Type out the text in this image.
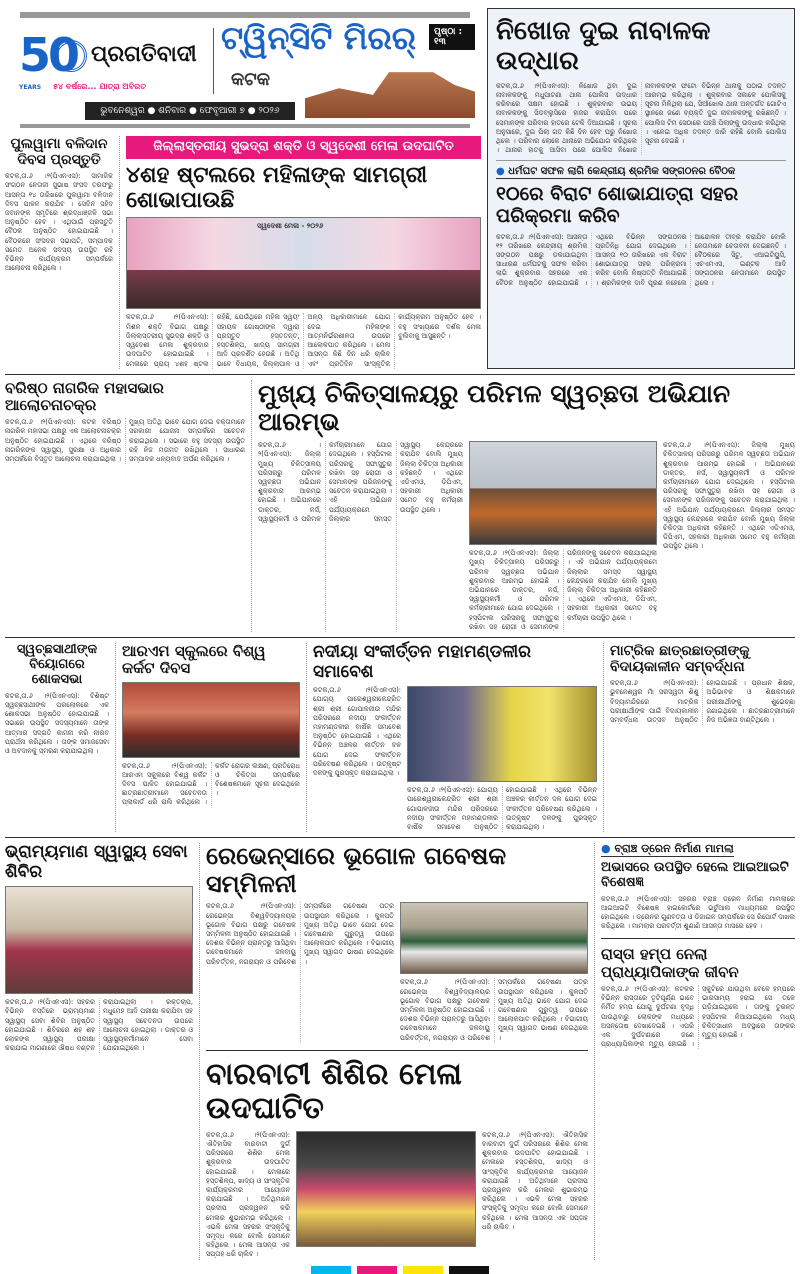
50
YEARS
ପ୍ରଗତିବାଦୀ
୫୪ ବର୍ଷରେ... ଯାତ୍ରା ଅବିରତ
ଟ୍ୱିନ୍‌ସିଟି ମିରର୍
କଟକ
ପୃଷ୍ଠା : ୧୩
ଭୁବନେଶ୍ୱର ● ଶନିବାର ● ଫେବୃଆରୀ ୭ ● ୨୦୨୬
ପୁଲୱାମା ବଳିଦାନ ଦିବସ ପ୍ରସ୍ତୁତି
କଟକ,ତା.୬ ।୨(ପିଏନଏସ): ସାମାଜିକ ସଂଗଠନ ନେତାଜୀ ସୁଭାଷ ସଂସଦ ତରଫରୁ ଆସନ୍ତା ୧୪ ତାରିଖରେ ପୁଲୱାମା ବଳିଦାନ ଦିବସ ପାଳନ କରାଯିବ । ସେଦିନ ସହିଦ ଜବାନଙ୍କ ସ୍ମୃତିରେ ଶ୍ରଦ୍ଧାଞ୍ଜଳି ସଭା ଅନୁଷ୍ଠିତ ହେବ । ଏଥିପାଇଁ ପ୍ରସ୍ତୁତି ବୈଠକ ଅନୁଷ୍ଠିତ ହୋଇଯାଇଛି । ବୈଠକରେ ସଂସଦର ସଭାପତି, ସମ୍ପାଦକ ସମେତ ଅନେକ ସଦସ୍ୟ ଉପସ୍ଥିତ ରହି ବିଭିନ୍ନ କାର୍ଯ୍ୟକ୍ରମ ସମ୍ପର୍କରେ ଆଲୋଚନା କରିଥିଲେ ।
ଜିଲ୍ଲାସ୍ତରୀୟ ସୁଭଦ୍ରା ଶକ୍ତି ଓ ସ୍ୱଦେଶୀ ମେଳା ଉଦଘାଟିତ
୪ଶହ ଷ୍ଟଲରେ ମହିଳାଙ୍କ ସାମଗ୍ରୀ ଶୋଭାପାଉଛି
ସ୍ୱଦେଶୀ ମେଳା - ୨୦୨୬
କଟକ,ତା.୬ ।୨(ପିଏନଏସ): ମିଶନ ଶକ୍ତି ବିଭାଗ ପକ୍ଷରୁ ଜିଲ୍ଲାସ୍ତରୀୟ ସୁଭଦ୍ରା ଶକ୍ତି ଓ ସ୍ୱଦେଶୀ ମେଳା ଶୁକ୍ରବାର ଉଦଘାଟିତ ହୋଇଯାଇଛି । ମେଳାରେ ପ୍ରାୟ ୪ଶହ ଷ୍ଟଲ ରହିଛି, ଯେଉଁଥିରେ ମହିଳା ସ୍ୱୟଂ ସହାୟକ ଗୋଷ୍ଠୀଙ୍କ ଦ୍ୱାରା ପ୍ରସ୍ତୁତ ହସ୍ତତନ୍ତ, ହସ୍ତଶିଳ୍ପ, ଖାଦ୍ୟ ସାମଗ୍ରୀ ଆଦି ପ୍ରଦର୍ଶିତ ହେଉଛି । ଅତିଥି ଭାବେ ବିଧାୟକ, ଜିଲ୍ଲାପାଳ ଓ ଅନ୍ୟ ଅଧିକାରୀମାନେ ଯୋଗ ଦେଇ ମହିଳାଙ୍କ ଆତ୍ମନିର୍ଭରଶୀଳତା ଉପରେ ଆଲୋକପାତ କରିଥିଲେ । ମେଳା ଆସନ୍ତା କିଛି ଦିନ ଧରି ଚାଲିବ ଏବଂ ପ୍ରତିଦିନ ସାଂସ୍କୃତିକ କାର୍ଯ୍ୟକ୍ରମ ଅନୁଷ୍ଠିତ ହେବ । ବହୁ ସଂଖ୍ୟାରେ ଦର୍ଶକ ମେଳା ବୁଲିବାକୁ ଆସୁଛନ୍ତି ।
ନିଖୋଜ ଦୁଇ ନାବାଳକ ଉଦ୍ଧାର
କଟକ,ତା.୬ ।୨(ପିଏନଏସ): ନିଖୋଜ ଥିବା ଦୁଇ ନାବାଳକଙ୍କୁ ମଧୁପାଟଣା ଥାନା ପୋଲିସ ଉଦ୍ଧାର କରିବାରେ ସକ୍ଷମ ହୋଇଛି । ଶୁକ୍ରବାର ଉଭୟ ନାବାଳକଙ୍କୁ ସିଡବ୍ଲୁସିରେ ହାଜର କରାଯିବା ପରେ ସେମାନଙ୍କ ପରିବାର ହାତରେ ଟେକି ଦିଆଯାଇଛି । ସୂଚନା ଅନୁସାରେ, ଦୁଇ ପିଲା ଗତ କିଛି ଦିନ ହେବ ଘରୁ ନିଖୋଜ ଥିଲେ । ପରିବାର ଲୋକେ ଥାନାରେ ଅଭିଯୋଗ କରିଥିଲେ । ଥାନାର ହାତକୁ ଆସିବା ପରେ ପୋଲିସ ନିଖୋଜ ନାବାଳକଙ୍କ ଫଟୋ ବିଭିନ୍ନ ଥାନାକୁ ପଠାଇ ତଦନ୍ତ ଆରମ୍ଭ କରିଥିଲା । ଶୁକ୍ରବାର ସକାଳେ ପୋଲିସକୁ ସୂଚନା ମିଳିଥିଲା ଯେ, ସିଆଁଝୋଲ ଥାନା ଅନ୍ତର୍ଗତ ଗୋଟିଏ ସ୍ଥାନରେ ଜଣେ ବ୍ୟକ୍ତି ଦୁଇ ନାବାଳକଙ୍କୁ ରଖିଛନ୍ତି । ପୋଲିସ ଟିମ ସେଠାରେ ପହଞ୍ଚି ପିଲାଙ୍କୁ ଉଦ୍ଧାର କରିଥିଲା । ଏନେଇ ଅଧିକ ତଦନ୍ତ ଜାରି ରହିଛି ବୋଲି ପୋଲିସ ସୂଚନା ଦେଇଛି ।
● ଧର୍ମଘଟ ସଫଳ ଲାଗି କେନ୍ଦ୍ରୀୟ ଶ୍ରମିକ ସଙ୍ଗଠନର ବୈଠକ
୧୦ରେ ବିରାଟ ଶୋଭାଯାତ୍ରା ସହର ପରିକ୍ରମା କରିବ
କଟକ,ତା.୬ ।୨(ପିଏନଏସ): ଆସନ୍ତା ୧୨ ତାରିଖରେ କେନ୍ଦ୍ରୀୟ ଶ୍ରମିକ ସଙ୍ଗଠନ ପକ୍ଷରୁ ଡକାଯାଇଥିବା ସାଧାରଣ ଧର୍ମଘଟକୁ ସଫଳ କରିବା ଲାଗି ଶୁକ୍ରବାର ସହରରେ ଏକ ବୈଠକ ଅନୁଷ୍ଠିତ ହୋଇଯାଇଛି । ଏଥିରେ ବିଭିନ୍ନ ସଙ୍ଗଠନର ପ୍ରତିନିଧି ଯୋଗ ଦେଇଥିଲେ । ଆସନ୍ତା ୧୦ ତାରିଖରେ ଏକ ବିରାଟ ଶୋଭାଯାତ୍ରା ସହର ପରିକ୍ରମା କରିବ ବୋଲି ନିଷ୍ପତ୍ତି ନିଆଯାଇଛି । ଶ୍ରମିକଙ୍କ ଦାବି ପୂରଣ ନହେଲେ ଆନ୍ଦୋଳନ ତୀବ୍ର କରାଯିବ ବୋଲି ନେତାମାନେ ଚେତାବନୀ ଦେଇଛନ୍ତି । ବୈଠକରେ ସିଟୁ, ଏଆଇଟିୟୁସି, ଏଚଏମଏସ, ଇଣ୍ଟକ ଆଦି ସଙ୍ଗଠନର ନେତାମାନେ ଉପସ୍ଥିତ ଥିଲେ ।
ବରିଷ୍ଠ ନାଗରିକ ମହାସଭାର ଆଲୋଚନାଚକ୍ର
କଟକ,ତା.୬ ।୨(ପିଏନଏସ): କଟକ ବରିଷ୍ଠ ନାଗରିକ ମହାସଭା ପକ୍ଷରୁ ଏକ ଆଲୋଚନାଚକ୍ର ଅନୁଷ୍ଠିତ ହୋଇଯାଇଛି । ଏଥିରେ ବରିଷ୍ଠ ନାଗରିକଙ୍କ ସ୍ୱାସ୍ଥ୍ୟ, ସୁରକ୍ଷା ଓ ଅଧିକାର ସମ୍ପର୍କରେ ବିସ୍ତୃତ ଆଲୋଚନା କରାଯାଇଥିଲା । ମୁଖ୍ୟ ଅତିଥି ଭାବେ ଯୋଗ ଦେଇ ବକ୍ତାମାନେ ସରକାରୀ ଯୋଜନା ସମ୍ପର୍କରେ ସଚେତନ କରାଇଥିଲେ । ସଭାରେ ବହୁ ସଦସ୍ୟ ଉପସ୍ଥିତ ରହି ନିଜ ମତାମତ ରଖିଥିଲେ । ସାଧାରଣ ସମ୍ପାଦକ ଧନ୍ୟବାଦ ଅର୍ପଣ କରିଥିଲେ ।
ମୁଖ୍ୟ ଚିକିତ୍ସାଳୟରୁ ପରିମଳ ସ୍ୱଚ୍ଛତା ଅଭିଯାନ ଆରମ୍ଭ
କଟକ,ତା.୬ ।୨(ପିଏନଏସ): ଜିଲ୍ଲା ମୁଖ୍ୟ ଚିକିତ୍ସାଳୟ ପରିସରରୁ ପରିମଳ ସ୍ୱଚ୍ଛତା ଅଭିଯାନ ଶୁକ୍ରବାର ଆରମ୍ଭ ହୋଇଛି । ଅଭିଯାନରେ ଡାକ୍ତର, ନର୍ସ, ସ୍ୱାସ୍ଥ୍ୟକର୍ମୀ ଓ ପରିମଳ କର୍ମଚାରୀମାନେ ଯୋଗ ଦେଇଥିଲେ । ହସ୍ପିଟାଲ ପରିସରକୁ ସଫାସୁତୁରା ରଖିବା ସହ ରୋଗୀ ଓ ସେମାନଙ୍କ ପରିଜନଙ୍କୁ ସଚେତନ କରାଯାଇଥିଲା । ଏହି ଅଭିଯାନ ପର୍ଯ୍ୟାୟକ୍ରମେ ଜିଲ୍ଲାର ସମସ୍ତ ସ୍ୱାସ୍ଥ୍ୟ କେନ୍ଦ୍ରରେ କରାଯିବ ବୋଲି ମୁଖ୍ୟ ଜିଲ୍ଲା ଚିକିତ୍ସା ଅଧିକାରୀ କହିଛନ୍ତି । ଏଥିରେ ଏଡିଏମଓ, ଡିପିଏମ, ସହକାରୀ ଅଧିକାରୀ ସମେତ ବହୁ କର୍ମଚାରୀ ଉପସ୍ଥିତ ଥିଲେ ।
କଟକ,ତା.୬ ।୨(ପିଏନଏସ): ଜିଲ୍ଲା ମୁଖ୍ୟ ଚିକିତ୍ସାଳୟ ପରିସରରୁ ପରିମଳ ସ୍ୱଚ୍ଛତା ଅଭିଯାନ ଶୁକ୍ରବାର ଆରମ୍ଭ ହୋଇଛି । ଅଭିଯାନରେ ଡାକ୍ତର, ନର୍ସ, ସ୍ୱାସ୍ଥ୍ୟକର୍ମୀ ଓ ପରିମଳ କର୍ମଚାରୀମାନେ ଯୋଗ ଦେଇଥିଲେ । ହସ୍ପିଟାଲ ପରିସରକୁ ସଫାସୁତୁରା ରଖିବା ସହ ରୋଗୀ ଓ ସେମାନଙ୍କ ପରିଜନଙ୍କୁ ସଚେତନ କରାଯାଇଥିଲା । ଏହି ଅଭିଯାନ ପର୍ଯ୍ୟାୟକ୍ରମେ ଜିଲ୍ଲାର ସମସ୍ତ ସ୍ୱାସ୍ଥ୍ୟ କେନ୍ଦ୍ରରେ କରାଯିବ ବୋଲି ମୁଖ୍ୟ ଜିଲ୍ଲା ଚିକିତ୍ସା ଅଧିକାରୀ କହିଛନ୍ତି । ଏଥିରେ ଏଡିଏମଓ, ଡିପିଏମ, ସହକାରୀ ଅଧିକାରୀ ସମେତ ବହୁ କର୍ମଚାରୀ ଉପସ୍ଥିତ ଥିଲେ ।
କଟକ,ତା.୬ ।୨(ପିଏନଏସ): ଜିଲ୍ଲା ମୁଖ୍ୟ ଚିକିତ୍ସାଳୟ ପରିସରରୁ ପରିମଳ ସ୍ୱଚ୍ଛତା ଅଭିଯାନ ଶୁକ୍ରବାର ଆରମ୍ଭ ହୋଇଛି । ଅଭିଯାନରେ ଡାକ୍ତର, ନର୍ସ, ସ୍ୱାସ୍ଥ୍ୟକର୍ମୀ ଓ ପରିମଳ କର୍ମଚାରୀମାନେ ଯୋଗ ଦେଇଥିଲେ । ହସ୍ପିଟାଲ ପରିସରକୁ ସଫାସୁତୁରା ରଖିବା ସହ ରୋଗୀ ଓ ସେମାନଙ୍କ ପରିଜନଙ୍କୁ ସଚେତନ କରାଯାଇଥିଲା । ଏହି ଅଭିଯାନ ପର୍ଯ୍ୟାୟକ୍ରମେ ଜିଲ୍ଲାର ସମସ୍ତ ସ୍ୱାସ୍ଥ୍ୟ କେନ୍ଦ୍ରରେ କରାଯିବ ବୋଲି ମୁଖ୍ୟ ଜିଲ୍ଲା ଚିକିତ୍ସା ଅଧିକାରୀ କହିଛନ୍ତି । ଏଥିରେ ଏଡିଏମଓ, ଡିପିଏମ, ସହକାରୀ ଅଧିକାରୀ ସମେତ ବହୁ କର୍ମଚାରୀ ଉପସ୍ଥିତ ଥିଲେ ।
ସ୍ୱଚ୍ଛସାଥୀଙ୍କ ବିୟୋଗରେ ଶୋକସଭା
କଟକ,ତା.୬ ।୨(ପିଏନଏସ): ବିଶିଷ୍ଟ ସ୍ୱଚ୍ଛସାଥୀଙ୍କ ପରଲୋକରେ ଏକ ଶୋକସଭା ଅନୁଷ୍ଠିତ ହୋଇଯାଇଛି । ସଭାରେ ଉପସ୍ଥିତ ସଦସ୍ୟମାନେ ତାଙ୍କ ଆତ୍ମାର ସଦ୍‌ଗତି କାମନା କରି ନୀରବ ପ୍ରାର୍ଥନା କରିଥିଲେ । ତାଙ୍କ ସମାଜସେବା ଓ ଅବଦାନକୁ ସ୍ମରଣ କରାଯାଇଥିଲା ।
ଆରଏମ ସ୍କୁଲରେ ବିଶ୍ୱ କର୍କଟ ଦିବସ
କଟକ,ତା.୬ ।୨(ପିଏନଏସ): ଆରଏମ ସ୍କୁଲରେ ବିଶ୍ୱ କର୍କଟ ଦିବସ ପାଳିତ ହୋଇଯାଇଛି । ଛାତ୍ରଛାତ୍ରୀମାନେ ସଚେତନତା ପ୍ଲାକାର୍ଡ ଧରି ରାଲି କରିଥିଲେ । କର୍କଟ ରୋଗର ଲକ୍ଷଣ, ପ୍ରତିରୋଧ ଓ ଚିକିତ୍ସା ସମ୍ପର୍କରେ ବିଶେଷଜ୍ଞମାନେ ସୂଚନା ଦେଇଥିଲେ ।
ନଦୀୟା ସଂକୀର୍ତ୍ତନ ମହାମଣ୍ଡଳୀର ସମାବେଶ
କଟକ,ତା.୬ ।୨(ପିଏନଏସ): ଯୋଗ୍ୟ ପାରେଶ୍ୱରୀକେନ୍ଦ୍ରିତ ଶ୍ରୀ ଶ୍ରୀ ଗୋପାଳଜୀଉ ମନ୍ଦିର ପରିସରରେ ନଦୀୟା ସଂକୀର୍ତ୍ତନ ମହାମଣ୍ଡଳୀର ବାର୍ଷିକ ସମାବେଶ ଅନୁଷ୍ଠିତ ହୋଇଯାଇଛି । ଏଥିରେ ବିଭିନ୍ନ ଅଞ୍ଚଳର କୀର୍ତ୍ତନ ଦଳ ଯୋଗ ଦେଇ ସଂକୀର୍ତ୍ତନ ପରିବେଷଣ କରିଥିଲେ । ଉତ୍କୃଷ୍ଟ ଦଳଙ୍କୁ ପୁରସ୍କୃତ କରାଯାଇଥିଲା ।
କଟକ,ତା.୬ ।୨(ପିଏନଏସ): ଯୋଗ୍ୟ ପାରେଶ୍ୱରୀକେନ୍ଦ୍ରିତ ଶ୍ରୀ ଶ୍ରୀ ଗୋପାଳଜୀଉ ମନ୍ଦିର ପରିସରରେ ନଦୀୟା ସଂକୀର୍ତ୍ତନ ମହାମଣ୍ଡଳୀର ବାର୍ଷିକ ସମାବେଶ ଅନୁଷ୍ଠିତ ହୋଇଯାଇଛି । ଏଥିରେ ବିଭିନ୍ନ ଅଞ୍ଚଳର କୀର୍ତ୍ତନ ଦଳ ଯୋଗ ଦେଇ ସଂକୀର୍ତ୍ତନ ପରିବେଷଣ କରିଥିଲେ । ଉତ୍କୃଷ୍ଟ ଦଳଙ୍କୁ ପୁରସ୍କୃତ କରାଯାଇଥିଲା ।
ମାଟ୍ରିକ ଛାତ୍ରଛାତ୍ରୀଙ୍କୁ ବିଦାୟକାଳୀନ ସମ୍ବର୍ଦ୍ଧନା
କଟକ,ତା.୬ ।୨(ପିଏନଏସ): ଭୁବନେଶ୍ୱର ମାଁ ସରସ୍ୱତୀ ଶିଶୁ ବିଦ୍ୟାମନ୍ଦିରରେ ମାଟ୍ରିକ ପରୀକ୍ଷାର୍ଥୀଙ୍କ ପାଇଁ ବିଦାୟକାଳୀନ ସମ୍ବର୍ଦ୍ଧନା ଉତ୍ସବ ଅନୁଷ୍ଠିତ ହୋଇଯାଇଛି । ପ୍ରଧାନ ଶିକ୍ଷକ, ଅଭିଭାବକ ଓ ଶିକ୍ଷକମାନେ ପରୀକ୍ଷାର୍ଥୀଙ୍କୁ ଶୁଭେଚ୍ଛା ଜଣାଇଥିଲେ । ଛାତ୍ରଛାତ୍ରୀମାନେ ନିଜ ଅଭିଜ୍ଞତା ବାଣ୍ଟିଥିଲେ ।
ଭ୍ରାମ୍ୟମାଣ ସ୍ୱାସ୍ଥ୍ୟ ସେବା ଶିବିର
କଟକ,ତା.୬ ।୨(ପିଏନଏସ): ସହରର ବିଭିନ୍ନ ବସ୍ତିରେ ଭ୍ରାମ୍ୟମାଣ ସ୍ୱାସ୍ଥ୍ୟ ସେବା ଶିବିର ଅନୁଷ୍ଠିତ ହୋଇଯାଇଛି । ଶିବିରରେ ଶହ ଶହ ଲୋକଙ୍କ ସ୍ୱାସ୍ଥ୍ୟ ପରୀକ୍ଷା କରାଯାଇ ମାଗଣାରେ ଔଷଧ ବଣ୍ଟନ କରାଯାଇଥିଲା । ରକ୍ତଚାପ, ମଧୁମେହ ଆଦି ପରୀକ୍ଷା କରାଯିବା ସହ ସ୍ୱାସ୍ଥ୍ୟ ସଚେତନତା ଉପରେ ଆଲୋଚନା ହୋଇଥିଲା । ଡାକ୍ତର ଓ ସ୍ୱାସ୍ଥ୍ୟକର୍ମୀମାନେ ସେବା ଯୋଗାଇଥିଲେ ।
ରେଭେନ୍ସାରେ ଭୂଗୋଳ ଗବେଷକ ସମ୍ମିଳନୀ
କଟକ,ତା.୬ ।୨(ପିଏନଏସ): ରେଭେନ୍ସା ବିଶ୍ୱବିଦ୍ୟାଳୟର ଭୂଗୋଳ ବିଭାଗ ପକ୍ଷରୁ ଗବେଷକ ସମ୍ମିଳନୀ ଅନୁଷ୍ଠିତ ହୋଇଯାଇଛି । ଦେଶର ବିଭିନ୍ନ ପ୍ରାନ୍ତରୁ ଆସିଥିବା ଗବେଷକମାନେ ଜଳବାୟୁ ପରିବର୍ତ୍ତନ, ନଗରାୟନ ଓ ପରିବେଶ ସମ୍ପର୍କରେ ଗବେଷଣା ପତ୍ର ଉପସ୍ଥାପନ କରିଥିଲେ । କୁଳପତି ମୁଖ୍ୟ ଅତିଥି ଭାବେ ଯୋଗ ଦେଇ ଗବେଷଣାର ଗୁରୁତ୍ୱ ଉପରେ ଆଲୋକପାତ କରିଥିଲେ । ବିଭାଗୀୟ ମୁଖ୍ୟ ସ୍ୱାଗତ ଭାଷଣ ଦେଇଥିଲେ ।
କଟକ,ତା.୬ ।୨(ପିଏନଏସ): ରେଭେନ୍ସା ବିଶ୍ୱବିଦ୍ୟାଳୟର ଭୂଗୋଳ ବିଭାଗ ପକ୍ଷରୁ ଗବେଷକ ସମ୍ମିଳନୀ ଅନୁଷ୍ଠିତ ହୋଇଯାଇଛି । ଦେଶର ବିଭିନ୍ନ ପ୍ରାନ୍ତରୁ ଆସିଥିବା ଗବେଷକମାନେ ଜଳବାୟୁ ପରିବର୍ତ୍ତନ, ନଗରାୟନ ଓ ପରିବେଶ ସମ୍ପର୍କରେ ଗବେଷଣା ପତ୍ର ଉପସ୍ଥାପନ କରିଥିଲେ । କୁଳପତି ମୁଖ୍ୟ ଅତିଥି ଭାବେ ଯୋଗ ଦେଇ ଗବେଷଣାର ଗୁରୁତ୍ୱ ଉପରେ ଆଲୋକପାତ କରିଥିଲେ । ବିଭାଗୀୟ ମୁଖ୍ୟ ସ୍ୱାଗତ ଭାଷଣ ଦେଇଥିଲେ ।
ବାରବାଟୀ ଶିଶିର ମେଳା ଉଦଘାଟିତ
କଟକ,ତା.୬ ।୨(ପିଏନଏସ): ଐତିହାସିକ ବାରବାଟୀ ଦୁର୍ଗ ପରିସରରେ ଶିଶିର ମେଳା ଶୁକ୍ରବାର ଉଦଘାଟିତ ହୋଇଯାଇଛି । ମେଳାରେ ହସ୍ତଶିଳ୍ପ, ଖାଦ୍ୟ ଓ ସାଂସ୍କୃତିକ କାର୍ଯ୍ୟକ୍ରମର ଆୟୋଜନ କରାଯାଇଛି । ଅତିଥିମାନେ ପ୍ରଦୀପ ପ୍ରଜ୍ୱଳନ କରି ମେଳାର ଶୁଭାରମ୍ଭ କରିଥିଲେ । ଏଭଳି ମେଳା ସହରର ସଂସ୍କୃତିକୁ ସମୃଦ୍ଧ କରେ ବୋଲି ସେମାନେ କହିଥିଲେ । ମେଳା ଆସନ୍ତା ଏକ ସପ୍ତାହ ଧରି ଚାଲିବ ।
କଟକ,ତା.୬ ।୨(ପିଏନଏସ): ଐତିହାସିକ ବାରବାଟୀ ଦୁର୍ଗ ପରିସରରେ ଶିଶିର ମେଳା ଶୁକ୍ରବାର ଉଦଘାଟିତ ହୋଇଯାଇଛି । ମେଳାରେ ହସ୍ତଶିଳ୍ପ, ଖାଦ୍ୟ ଓ ସାଂସ୍କୃତିକ କାର୍ଯ୍ୟକ୍ରମର ଆୟୋଜନ କରାଯାଇଛି । ଅତିଥିମାନେ ପ୍ରଦୀପ ପ୍ରଜ୍ୱଳନ କରି ମେଳାର ଶୁଭାରମ୍ଭ କରିଥିଲେ । ଏଭଳି ମେଳା ସହରର ସଂସ୍କୃତିକୁ ସମୃଦ୍ଧ କରେ ବୋଲି ସେମାନେ କହିଥିଲେ । ମେଳା ଆସନ୍ତା ଏକ ସପ୍ତାହ ଧରି ଚାଲିବ ।
● ବ୍ରାଞ୍ଚ ଡ୍ରେନ ନିର୍ମାଣ ମାମଲା
ଅଭାସରେ ଉପସ୍ଥିତ ହେଲେ ଆଇଆଇଟି ବିଶେଷଜ୍ଞ
କଟକ,ତା.୬ ।୨(ପିଏନଏସ): ସହରର ବ୍ରାଞ୍ଚ ଡ୍ରେନ ନିର୍ମାଣ ମାମଲାରେ ଆଇଆଇଟି ବିଶେଷଜ୍ଞ ହାଇକୋର୍ଟରେ ଭର୍ଚୁଆଲ ମାଧ୍ୟମରେ ଉପସ୍ଥିତ ହୋଇଥିଲେ । ଡ୍ରେନର ଗୁଣବତ୍ତା ଓ ଡିଜାଇନ ସମ୍ପର୍କରେ ସେ ରିପୋର୍ଟ ଦାଖଲ କରିଥିଲେ । ମାମଲାର ପରବର୍ତ୍ତୀ ଶୁଣାଣି ଆସନ୍ତା ମାସରେ ହେବ ।
ରାସ୍ତା ହମ୍ପ ନେଲା ପ୍ରାଧ୍ୟାପିକାଙ୍କ ଜୀବନ
କଟକ,ତା.୬ ।୨(ପିଏନଏସ): କଟକର ବିଭିନ୍ନ ରାସ୍ତାରେ ତୃଟିପୂର୍ଣ୍ଣ ଭାବେ ନିର୍ମିତ ହମ୍ପ ଯୋଗୁ ଦୁର୍ଘଟଣା ବୃଦ୍ଧି ପାଉଥିବାରୁ ଲୋକଙ୍କ ମଧ୍ୟରେ ଅସନ୍ତୋଷ ଦେଖାଦେଇଛି । ଏପରି ଏକ ଦୁର୍ଘଟଣାରେ ଜଣେ ପ୍ରାଧ୍ୟାପିକାଙ୍କ ମୃତ୍ୟୁ ହୋଇଛି । ସ୍କୁଟିରେ ଯାଉଥିବା ବେଳେ ହମ୍ପରେ ଭାରସାମ୍ୟ ହରାଇ ସେ ତଳେ ପଡ଼ିଯାଇଥିଲେ । ତାଙ୍କୁ ତୁରନ୍ତ ହସ୍ପିଟାଲ ନିଆଯାଇଥିଲେ ମଧ୍ୟ ଚିକିତ୍ସାଧୀନ ଅବସ୍ଥାରେ ତାଙ୍କର ମୃତ୍ୟୁ ହୋଇଛି ।
